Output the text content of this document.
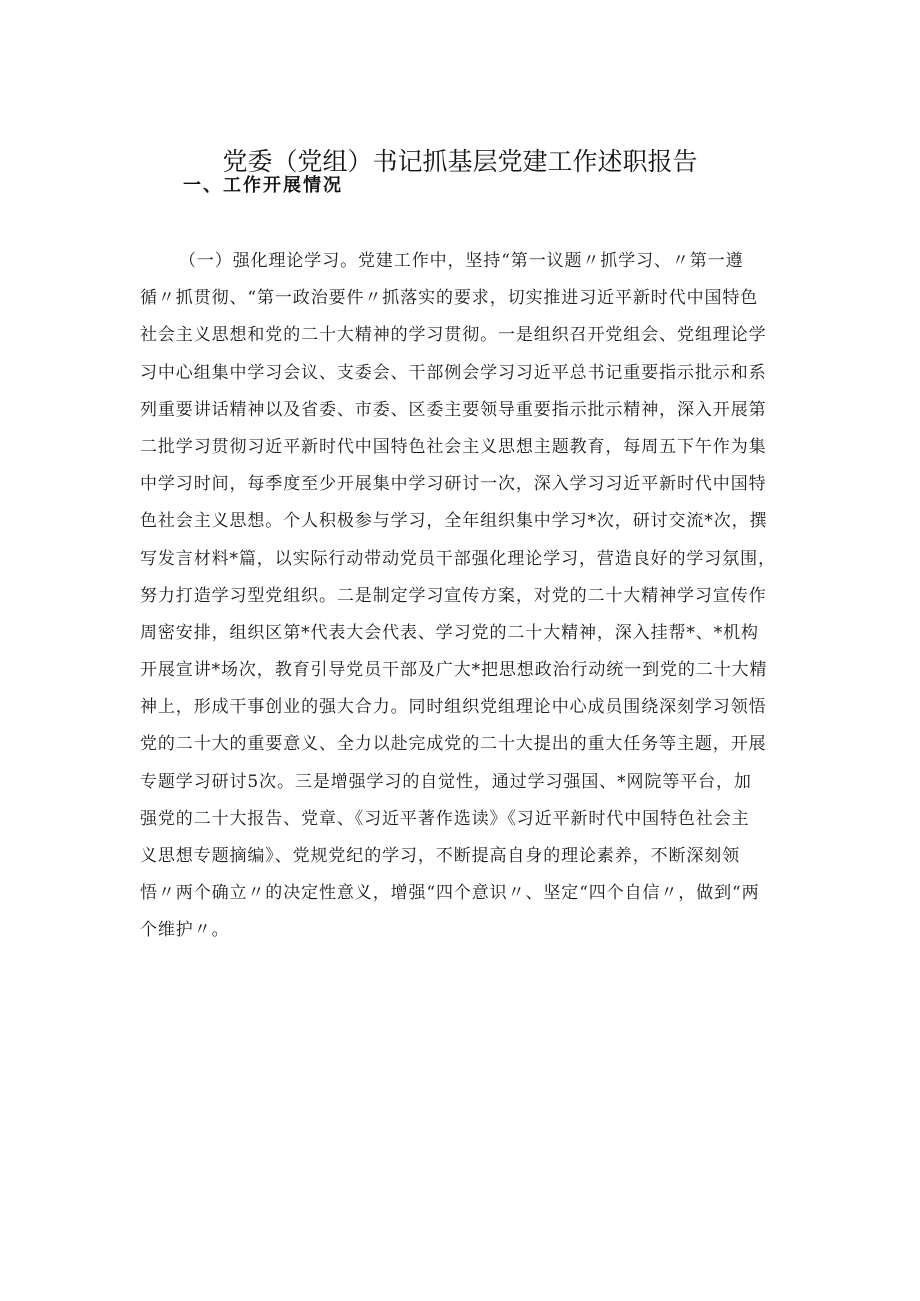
党委（党组）书记抓基层党建工作述职报告
一、工作开展情况
（一）强化理论学习。党建工作中，坚持“第一议题〃抓学习、〃第一遵
循〃抓贯彻、“第一政治要件〃抓落实的要求，切实推进习近平新时代中国特色
社会主义思想和党的二十大精神的学习贯彻。一是组织召开党组会、党组理论学
习中心组集中学习会议、支委会、干部例会学习习近平总书记重要指示批示和系
列重要讲话精神以及省委、市委、区委主要领导重要指示批示精神，深入开展第
二批学习贯彻习近平新时代中国特色社会主义思想主题教育，每周五下午作为集
中学习时间，每季度至少开展集中学习研讨一次，深入学习习近平新时代中国特
色社会主义思想。个人积极参与学习，全年组织集中学习*次，研讨交流*次，撰
写发言材料*篇，以实际行动带动党员干部强化理论学习，营造良好的学习氛围，
努力打造学习型党组织。二是制定学习宣传方案，对党的二十大精神学习宣传作
周密安排，组织区第*代表大会代表、学习党的二十大精神，深入挂帮*、*机构
开展宣讲*场次，教育引导党员干部及广大*把思想政治行动统一到党的二十大精
神上，形成干事创业的强大合力。同时组织党组理论中心成员围绕深刻学习领悟
党的二十大的重要意义、全力以赴完成党的二十大提出的重大任务等主题，开展
专题学习研讨5次。三是增强学习的自觉性，通过学习强国、*网院等平台，加
强党的二十大报告、党章、《习近平著作选读》《习近平新时代中国特色社会主
义思想专题摘编》、党规党纪的学习，不断提高自身的理论素养，不断深刻领
悟〃两个确立〃的决定性意义，增强“四个意识〃、坚定“四个自信〃，做到“两
个维护〃。
